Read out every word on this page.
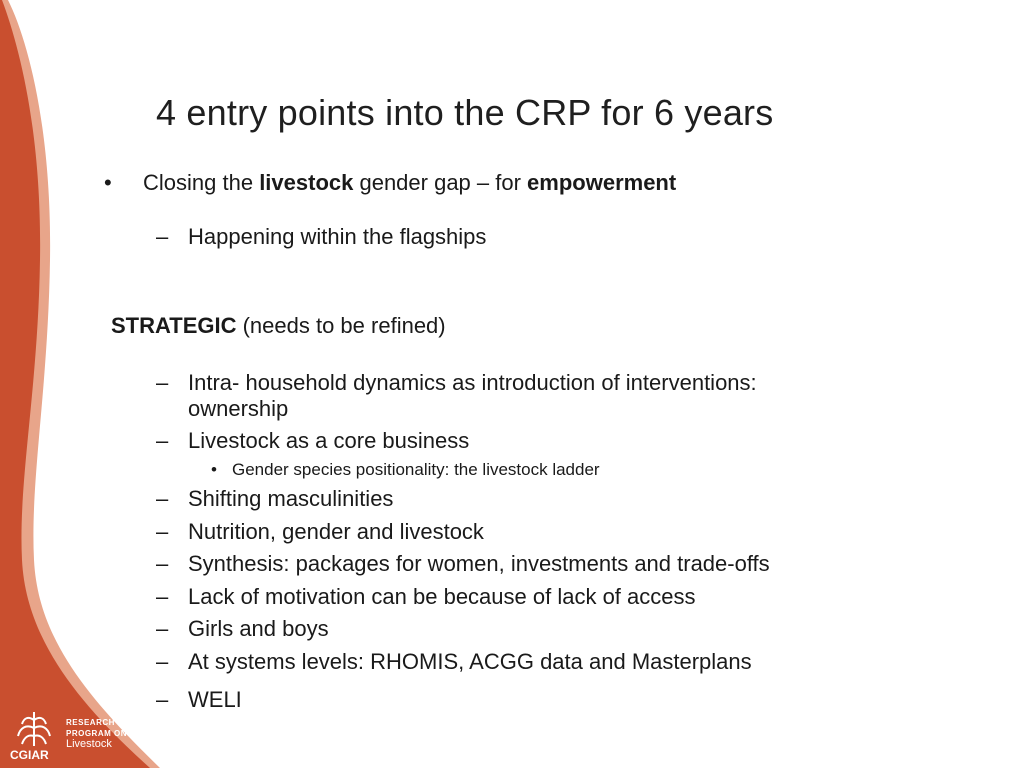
4 entry points into the CRP for 6 years
• Closing the livestock gender gap – for empowerment
– Happening within the flagships
STRATEGIC (needs to be refined)
– Intra- household dynamics as introduction of interventions:
ownership
– Livestock as a core business
• Gender species positionality: the livestock ladder
– Shifting masculinities
– Nutrition, gender and livestock
– Synthesis: packages for women, investments and trade-offs
– Lack of motivation can be because of lack of access
– Girls and boys
– At systems levels: RHOMIS, ACGG data and Masterplans
– WELI
RESEARCH
PROGRAM ON
Livestock
CGIAR
